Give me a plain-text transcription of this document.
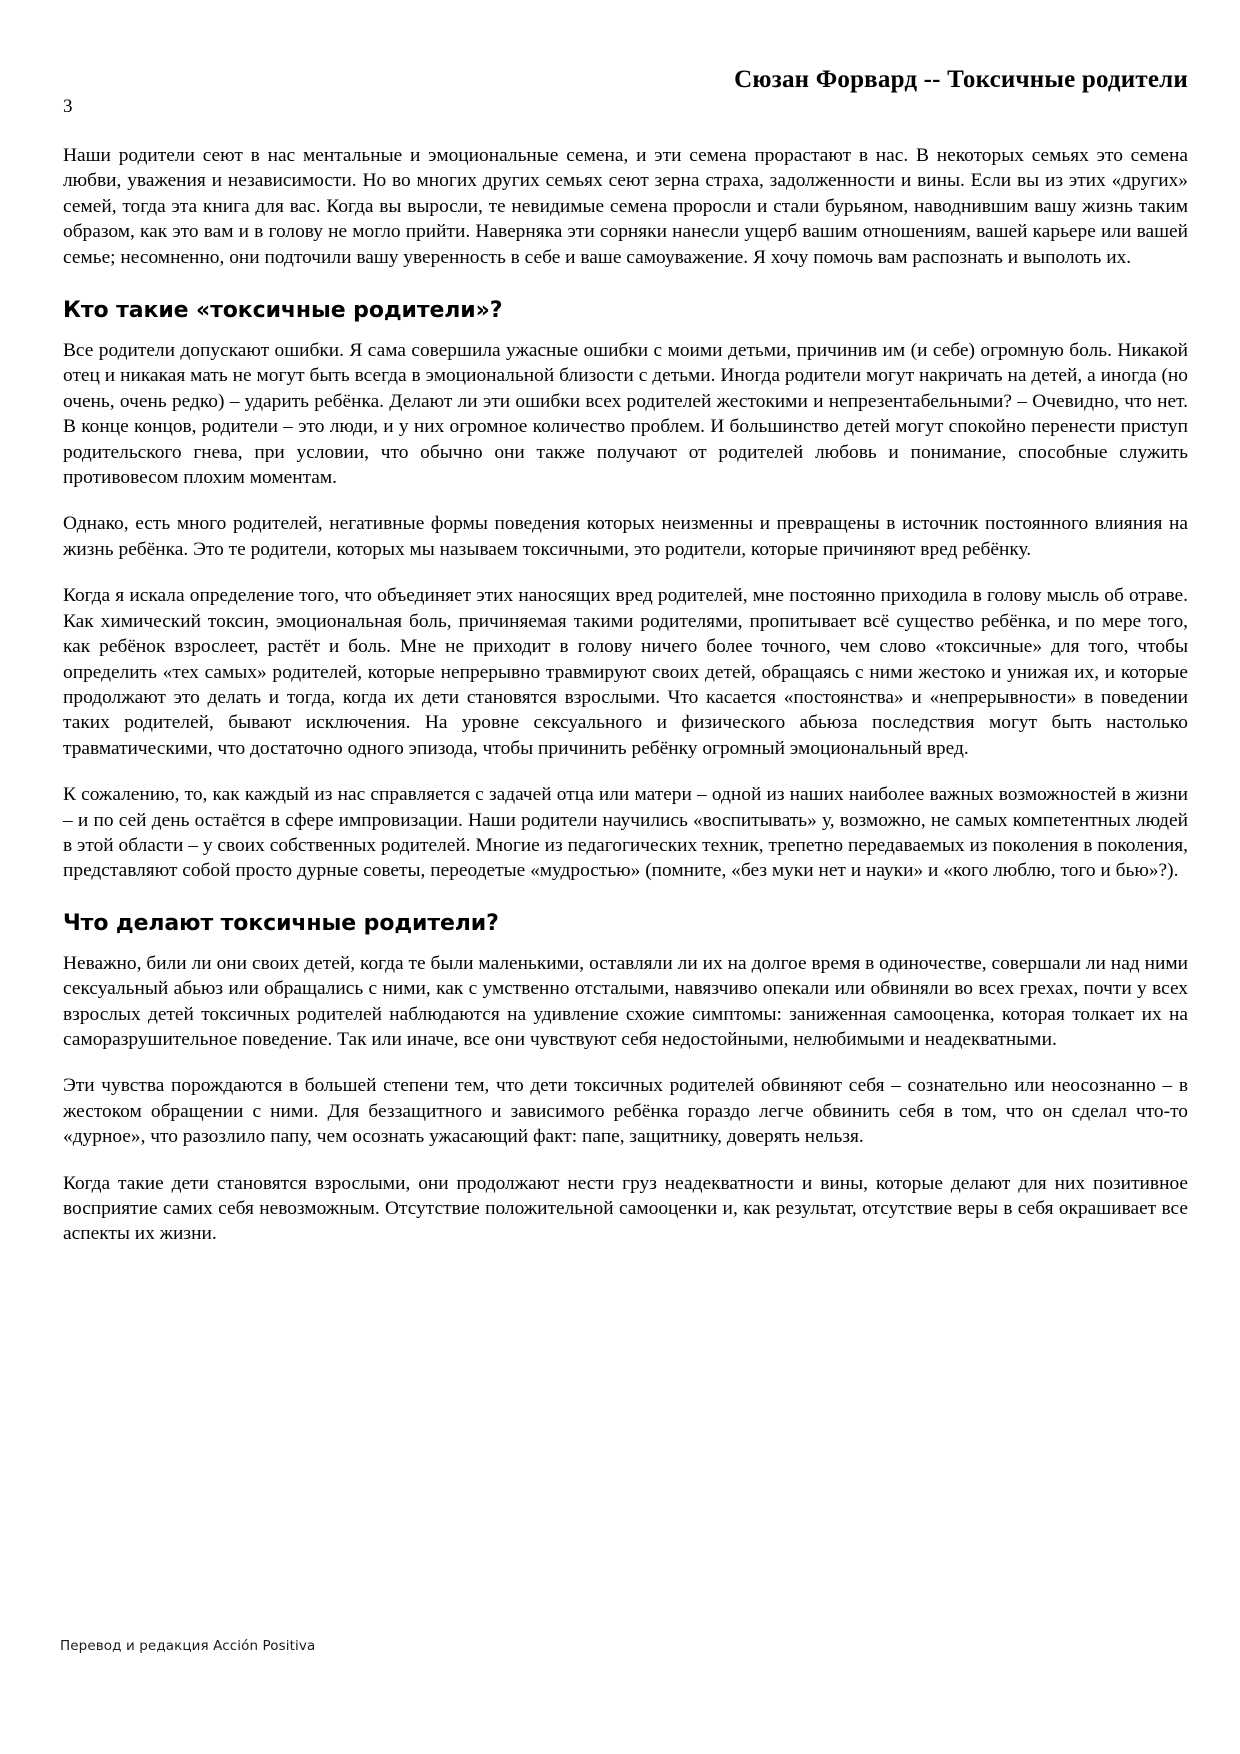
Сюзан Форвард -- Токсичные родители
3

Наши родители сеют в нас ментальные и эмоциональные семена, и эти семена прорастают в нас. В некоторых семьях это семена любви, уважения и независимости. Но во многих других семьях сеют зерна страха, задолженности и вины. Если вы из этих «других» семей, тогда эта книга для вас. Когда вы выросли, те невидимые семена проросли и стали бурьяном, наводнившим вашу жизнь таким образом, как это вам и в голову не могло прийти. Наверняка эти сорняки нанесли ущерб вашим отношениям, вашей карьере или вашей семье; несомненно, они подточили вашу уверенность в себе и ваше самоуважение. Я хочу помочь вам распознать и выполоть их.

Кто такие «токсичные родители»?

Все родители допускают ошибки. Я сама совершила ужасные ошибки с моими детьми, причинив им (и себе) огромную боль. Никакой отец и никакая мать не могут быть всегда в эмоциональной близости с детьми. Иногда родители могут накричать на детей, а иногда (но очень, очень редко) – ударить ребёнка. Делают ли эти ошибки всех родителей жестокими и непрезентабельными? – Очевидно, что нет. В конце концов, родители – это люди, и у них огромное количество проблем. И большинство детей могут спокойно перенести приступ родительского гнева, при условии, что обычно они также получают от родителей любовь и понимание, способные служить противовесом плохим моментам.

Однако, есть много родителей, негативные формы поведения которых неизменны и превращены в источник постоянного влияния на жизнь ребёнка. Это те родители, которых мы называем токсичными, это родители, которые причиняют вред ребёнку.

Когда я искала определение того, что объединяет этих наносящих вред родителей, мне постоянно приходила в голову мысль об отраве. Как химический токсин, эмоциональная боль, причиняемая такими родителями, пропитывает всё существо ребёнка, и по мере того, как ребёнок взрослеет, растёт и боль. Мне не приходит в голову ничего более точного, чем слово «токсичные» для того, чтобы определить «тех самых» родителей, которые непрерывно травмируют своих детей, обращаясь с ними жестоко и унижая их, и которые продолжают это делать и тогда, когда их дети становятся взрослыми. Что касается «постоянства» и «непрерывности» в поведении таких родителей, бывают исключения. На уровне сексуального и физического абьюза последствия могут быть настолько травматическими, что достаточно одного эпизода, чтобы причинить ребёнку огромный эмоциональный вред.

К сожалению, то, как каждый из нас справляется с задачей отца или матери – одной из наших наиболее важных возможностей в жизни – и по сей день остаётся в сфере импровизации. Наши родители научились «воспитывать» у, возможно, не самых компетентных людей в этой области – у своих собственных родителей. Многие из педагогических техник, трепетно передаваемых из поколения в поколения, представляют собой просто дурные советы, переодетые «мудростью» (помните, «без муки нет и науки» и «кого люблю, того и бью»?).

Что делают токсичные родители?

Неважно, били ли они своих детей, когда те были маленькими, оставляли ли их на долгое время в одиночестве, совершали ли над ними сексуальный абьюз или обращались с ними, как с умственно отсталыми, навязчиво опекали или обвиняли во всех грехах, почти у всех взрослых детей токсичных родителей наблюдаются на удивление схожие симптомы: заниженная самооценка, которая толкает их на саморазрушительное поведение. Так или иначе, все они чувствуют себя недостойными, нелюбимыми и неадекватными.

Эти чувства порождаются в большей степени тем, что дети токсичных родителей обвиняют себя – сознательно или неосознанно – в жестоком обращении с ними. Для беззащитного и зависимого ребёнка гораздо легче обвинить себя в том, что он сделал что-то «дурное», что разозлило папу, чем осознать ужасающий факт: папе, защитнику, доверять нельзя.

Когда такие дети становятся взрослыми, они продолжают нести груз неадекватности и вины, которые делают для них позитивное восприятие самих себя невозможным. Отсутствие положительной самооценки и, как результат, отсутствие веры в себя окрашивает все аспекты их жизни.

Перевод и редакция Acción Positiva
